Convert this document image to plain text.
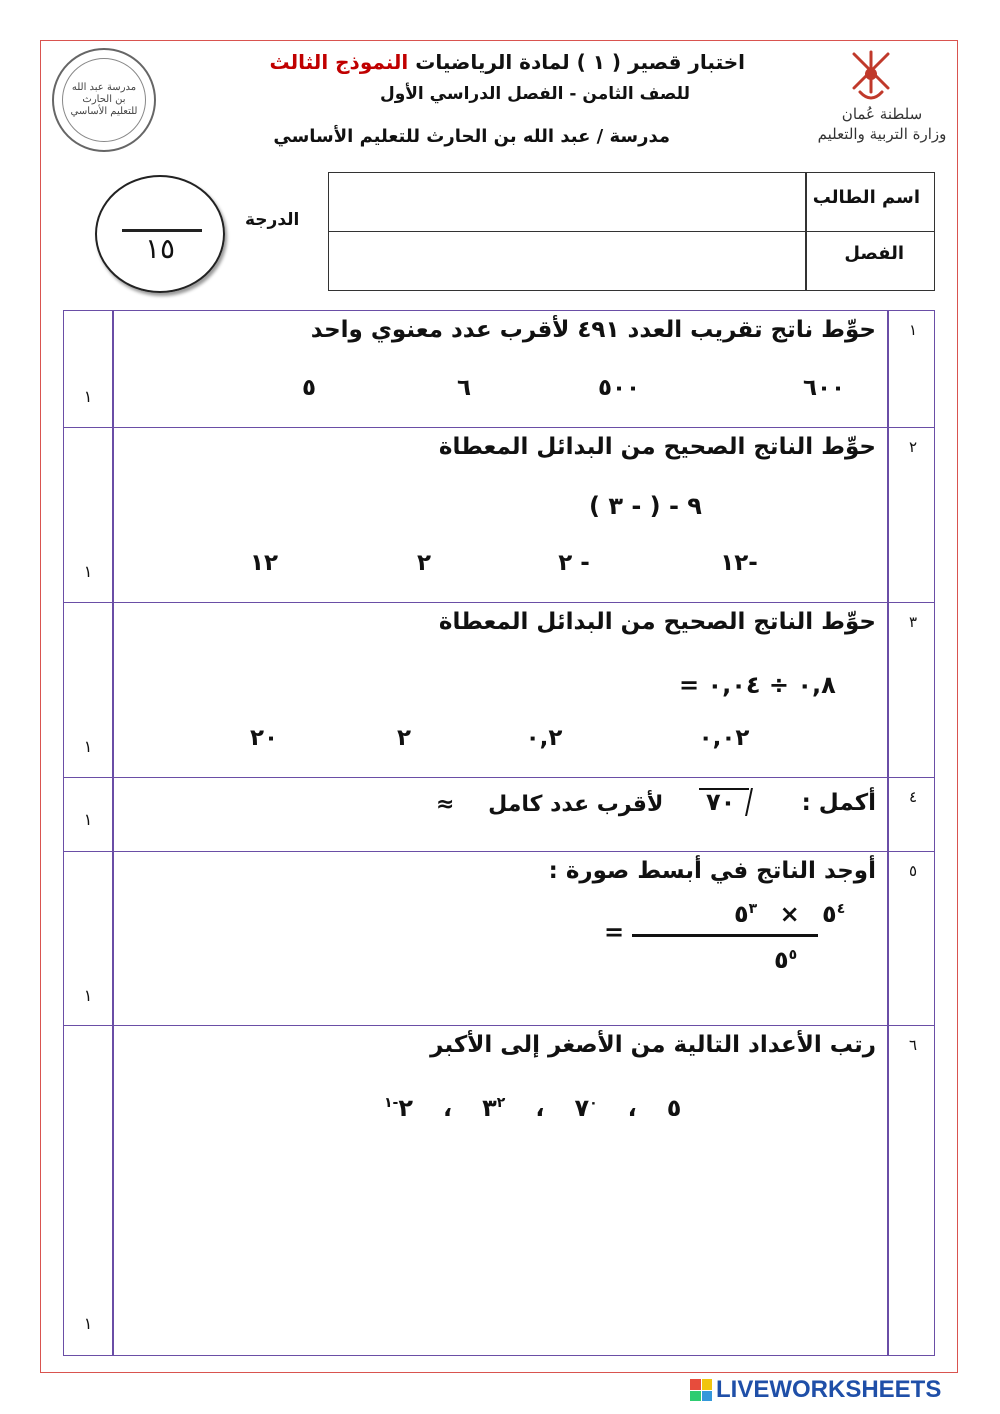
مدرسة عبد الله بن الحارث للتعليم الأساسي	سلطنة عُمان
وزارة التربية والتعليم
اختبار قصير ( ١ ) لمادة الرياضيات النموذج الثالث
للصف الثامن - الفصل الدراسي الأول
مدرسة / عبد الله بن الحارث للتعليم الأساسي
١٥
الدرجة
اسم الطالب
الفصل
١
١
حوِّط ناتج تقريب العدد ٤٩١ لأقرب عدد معنوي واحد
٦٠٠
٥٠٠
٦
٥
٢
١
حوِّط الناتج الصحيح من البدائل المعطاة
٩ - ( - ٣ )
-١٢
- ٢
٢
١٢
٣
١
حوِّط الناتج الصحيح من البدائل المعطاة
٠,٨ ÷ ٠,٠٤ =
٠,٠٢
٠,٢
٢
٢٠
٤
١
أكمل :
٧٠
لأقرب عدد كامل ≈
٥
١
أوجد الناتج في أبسط صورة :
$٥^٤$ × $٥^٣$
$٥^٥$
=
٦
١
رتب الأعداد التالية من الأصغر إلى الأكبر
٥
،
$٧^٠$
،
$٣^٢$
،
$٢^{-١}$
LIVEWORKSHEETS
